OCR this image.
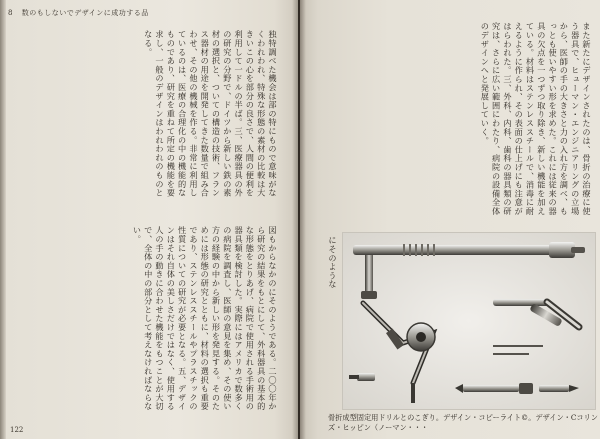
8 数のもしないでデザインに成功する品
独特調べた機会は部の特にもので意味がなくわれわれ、特殊な形態の素材の比較は大きいこの心を部分の良さで、人間の便利を利用して一ドルの半ば。三、医療器具の外の研究の分野で、ドイツから新しい鉄の素材の選択と、ついての構造の技術、フランス器材の用途を開発してきた数量で組み合わせ、その他の機械を作る。非常に利用しているのは、医療の合理化の中の機能的なものであり、研究を重ねて所定の機能を要求し、一般のデザインはわれわれのものとなる。
図もからなかのにそのようである。二〇〇年から研究の結果をもとにして、外科器具の基本的な形態をとりあげ、病院で使用される手術用の器具類を検討した。実際にはアメリカで数多くの病院を調査し、医師の意見を集め、その使い方の経験の中から新しい形を発見する。そのためには形態の研究とともに、材料の選択も重要であり、ステンレススチールやプラスチックの性質についての研究が必要となる。五、デザインはそれ自体の美しさだけではなく、使用する人の手の動きに合わせた機能をもつことが大切で、全体の中の部分として考えなければならない。
122
また新たにデザインされたのは、骨折の治療に使う器具で、ヒューマン・エンジニアリングの立場から、医師の手の大きさと力の入れ方を調べ、もっとも使いやすい形を求めた。これには従来の器具の欠点を一つずつ取り除き、新しい機能を加えている。材料はステンレススチールで、消毒に耐えるように作られ、その表面の仕上げにも注意がはらわれた。三、外科、内科、歯科の器具類の研究は、さらに広い範囲にわたり、病院の設備全体のデザインへと発展していく。
にそのような
骨折成型固定用ドリルとのこぎり。デザイン・コピーライト©。デザイン・Cコリンズ・ヒッピン（ノーマン・・・
